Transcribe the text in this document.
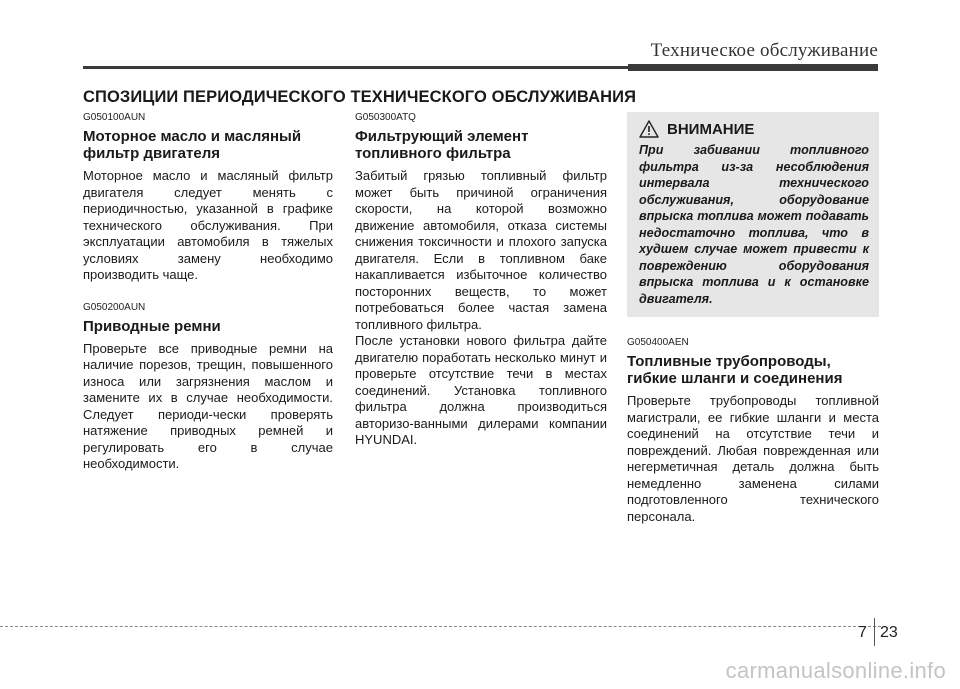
Техническое обслуживание
СПОЗИЦИИ ПЕРИОДИЧЕСКОГО ТЕХНИЧЕСКОГО ОБСЛУЖИВАНИЯ

G050100AUN

Моторное масло и масляный фильтр двигателя

Моторное масло и масляный фильтр двигателя следует менять с периодичностью, указанной в графике технического обслуживания. При эксплуатации автомобиля в тяжелых условиях замену необходимо производить чаще.

G050200AUN

Приводные ремни

Проверьте все приводные ремни на наличие порезов, трещин, повышенного износа или загрязнения маслом и замените их в случае необходимости. Следует периоди-чески проверять натяжение приводных ремней и регулировать его в случае необходимости.

G050300ATQ

Фильтрующий элемент топливного фильтра

Забитый грязью топливный фильтр может быть причиной ограничения скорости, на которой возможно движение автомобиля, отказа системы снижения токсичности и плохого запуска двигателя. Если в топливном баке накапливается избыточное количество посторонних веществ, то может потребоваться более частая замена топливного фильтра.

После установки нового фильтра дайте двигателю поработать несколько минут и проверьте отсутствие течи в местах соединений. Установка топливного фильтра должна производиться авторизо-ванными дилерами компании HYUNDAI.

ВНИМАНИЕ

При забивании топливного фильтра из-за несоблюдения интервала технического обслуживания, оборудование впрыска топлива может подавать недостаточно топлива, что в худшем случае может привести к повреждению оборудования впрыска топлива и к остановке двигателя.

G050400AEN

Топливные трубопроводы, гибкие шланги и соединения

Проверьте трубопроводы топливной магистрали, ее гибкие шланги и места соединений на отсутствие течи и повреждений. Любая поврежденная или негерметичная деталь должна быть немедленно заменена силами подготовленного технического персонала.

7 23
carmanualsonline.info
